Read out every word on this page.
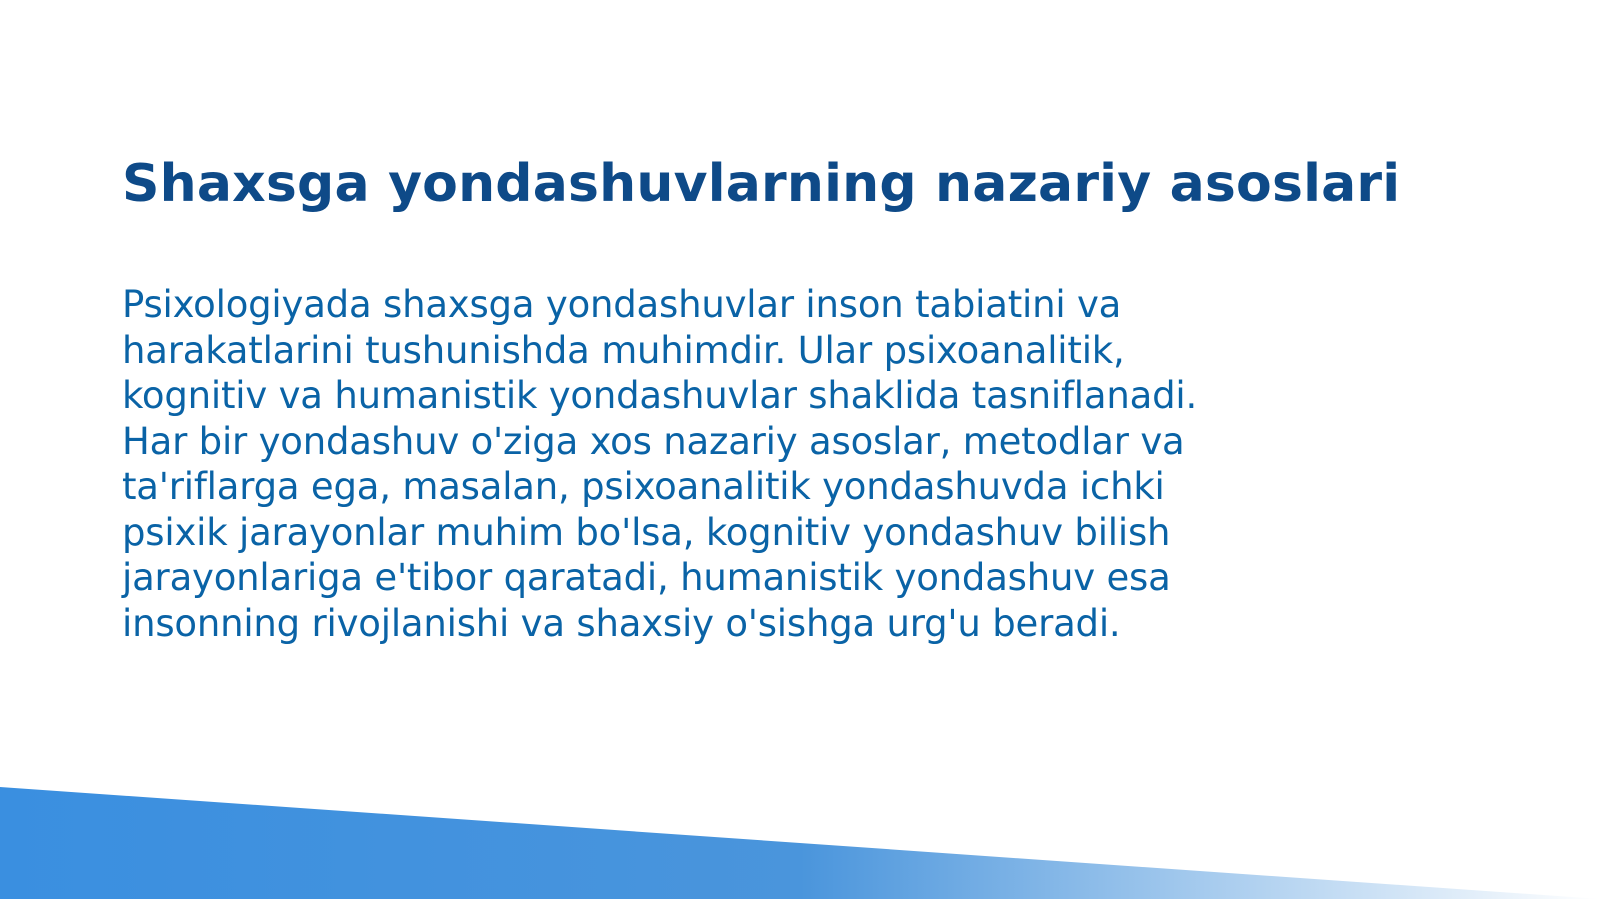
Shaxsga yondashuvlarning nazariy asoslari
Psixologiyada shaxsga yondashuvlar inson tabiatini va
harakatlarini tushunishda muhimdir. Ular psixoanalitik,
kognitiv va humanistik yondashuvlar shaklida tasniflanadi.
Har bir yondashuv o'ziga xos nazariy asoslar, metodlar va
ta'riflarga ega, masalan, psixoanalitik yondashuvda ichki
psixik jarayonlar muhim bo'lsa, kognitiv yondashuv bilish
jarayonlariga e'tibor qaratadi, humanistik yondashuv esa
insonning rivojlanishi va shaxsiy o'sishga urg'u beradi.
